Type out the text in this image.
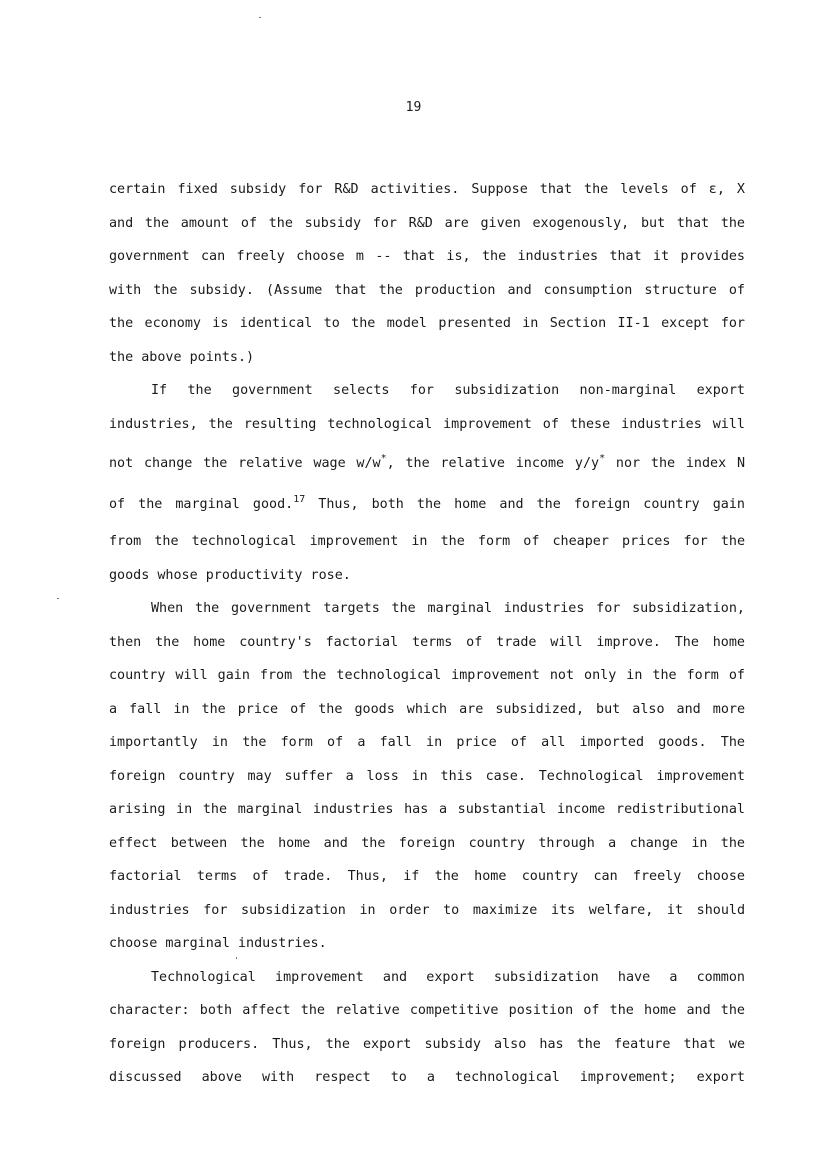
19
certain fixed subsidy for R&D activities. Suppose that the levels of ε, X
and the amount of the subsidy for R&D are given exogenously, but that the
government can freely choose m -- that is, the industries that it provides
with the subsidy. (Assume that the production and consumption structure of
the economy is identical to the model presented in Section II-1 except for
the above points.)
If the government selects for subsidization non-marginal export
industries, the resulting technological improvement of these industries will
not change the relative wage w/w*, the relative income y/y* nor the index N
of the marginal good.$^{17}$ Thus, both the home and the foreign country gain
from the technological improvement in the form of cheaper prices for the
goods whose productivity rose.
When the government targets the marginal industries for subsidization,
then the home country's factorial terms of trade will improve. The home
country will gain from the technological improvement not only in the form of
a fall in the price of the goods which are subsidized, but also and more
importantly in the form of a fall in price of all imported goods. The
foreign country may suffer a loss in this case. Technological improvement
arising in the marginal industries has a substantial income redistributional
effect between the home and the foreign country through a change in the
factorial terms of trade. Thus, if the home country can freely choose
industries for subsidization in order to maximize its welfare, it should
choose marginal industries.
Technological improvement and export subsidization have a common
character: both affect the relative competitive position of the home and the
foreign producers. Thus, the export subsidy also has the feature that we
discussed above with respect to a technological improvement; export
